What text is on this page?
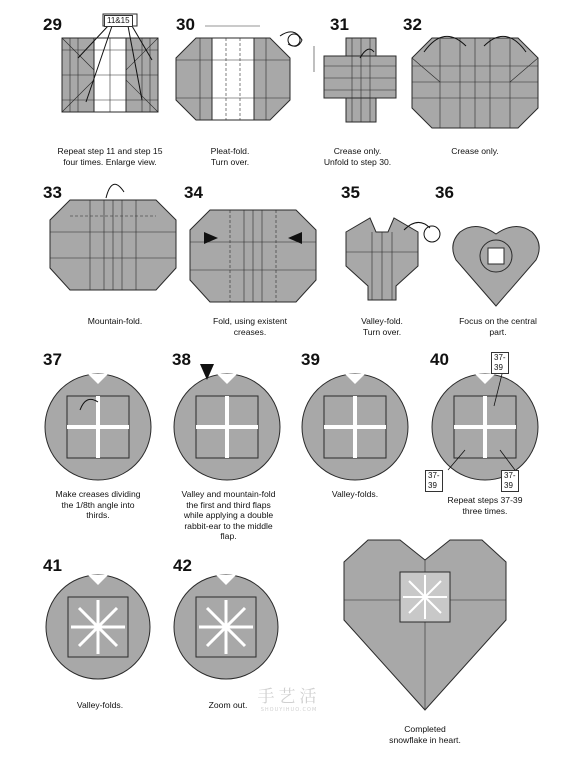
29	11&15
Repeat step 11 and step 15
four times. Enlarge view.
30
Pleat-fold.
Turn over.
31
Crease only.
Unfold to step 30.
32
Crease only.
33
Mountain-fold.
34
Fold, using existent
creases.
35
Valley-fold.
Turn over.
36
Focus on the central
part.
37
Make creases dividing
the 1/8th angle into
thirds.
38
Valley and mountain-fold
the first and third flaps
while applying a double
rabbit-ear to the middle
flap.
39
Valley-folds.
40	37-39
37-39
37-39
Repeat steps 37-39
three times.
41
Valley-folds.
42
Zoom out.
Completed
snowflake in heart.
手艺活
SHOUYIHUO.COM
